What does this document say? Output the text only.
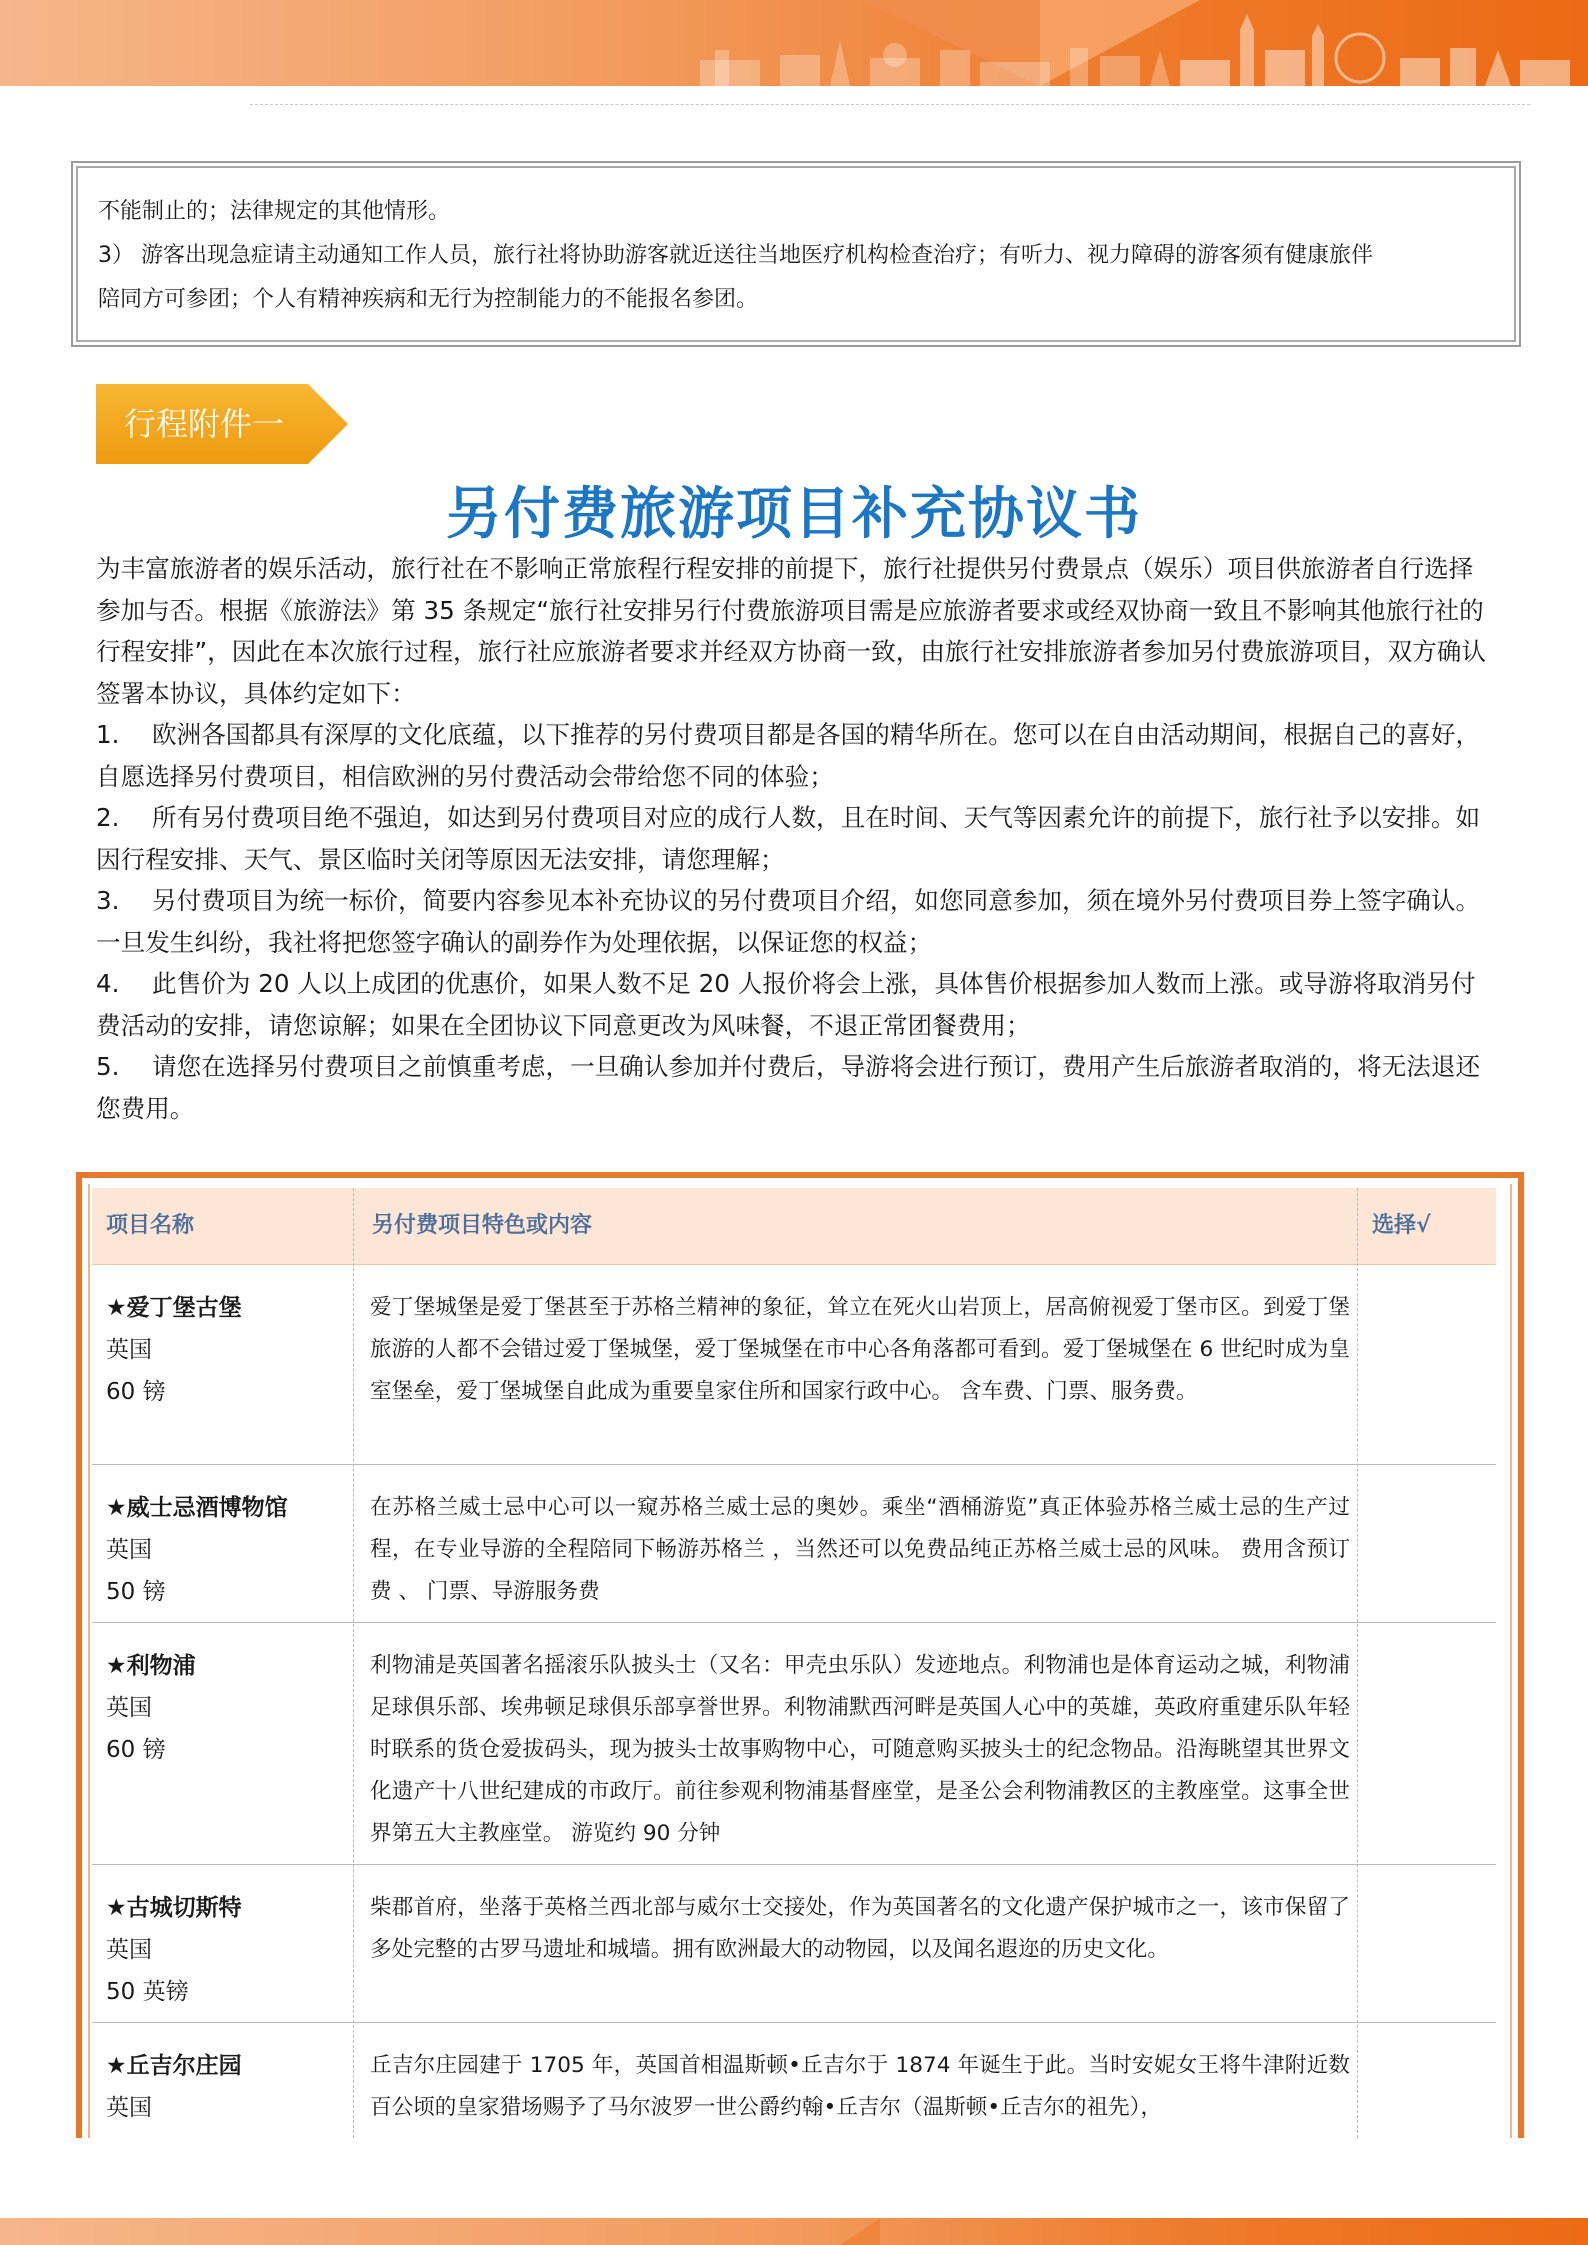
不能制止的；法律规定的其他情形。

3） 游客出现急症请主动通知工作人员，旅行社将协助游客就近送往当地医疗机构检查治疗；有听力、视力障碍的游客须有健康旅伴

陪同方可参团；个人有精神疾病和无行为控制能力的不能报名参团。

行程附件一
另付费旅游项目补充协议书

为丰富旅游者的娱乐活动，旅行社在不影响正常旅程行程安排的前提下，旅行社提供另付费景点（娱乐）项目供旅游者自行选择参加与否。根据《旅游法》第 35 条规定“旅行社安排另行付费旅游项目需是应旅游者要求或经双协商一致且不影响其他旅行社的行程安排”，因此在本次旅行过程，旅行社应旅游者要求并经双方协商一致，由旅行社安排旅游者参加另付费旅游项目，双方确认签署本协议，具体约定如下：

1. 欧洲各国都具有深厚的文化底蕴，以下推荐的另付费项目都是各国的精华所在。您可以在自由活动期间，根据自己的喜好，自愿选择另付费项目，相信欧洲的另付费活动会带给您不同的体验；

2. 所有另付费项目绝不强迫，如达到另付费项目对应的成行人数，且在时间、天气等因素允许的前提下，旅行社予以安排。如因行程安排、天气、景区临时关闭等原因无法安排，请您理解；

3. 另付费项目为统一标价，简要内容参见本补充协议的另付费项目介绍，如您同意参加，须在境外另付费项目券上签字确认。一旦发生纠纷，我社将把您签字确认的副券作为处理依据，以保证您的权益；

4. 此售价为 20 人以上成团的优惠价，如果人数不足 20 人报价将会上涨，具体售价根据参加人数而上涨。或导游将取消另付费活动的安排，请您谅解；如果在全团协议下同意更改为风味餐，不退正常团餐费用；

5. 请您在选择另付费项目之前慎重考虑，一旦确认参加并付费后，导游将会进行预订，费用产生后旅游者取消的，将无法退还您费用。

项目名称	另付费项目特色或内容	选择√
★爱丁堡古堡
英国
60 镑
爱丁堡城堡是爱丁堡甚至于苏格兰精神的象征，耸立在死火山岩顶上，居高俯视爱丁堡市区。到爱丁堡旅游的人都不会错过爱丁堡城堡，爱丁堡城堡在市中心各角落都可看到。爱丁堡城堡在 6 世纪时成为皇室堡垒，爱丁堡城堡自此成为重要皇家住所和国家行政中心。 含车费、门票、服务费。
★威士忌酒博物馆
英国
50 镑
在苏格兰威士忌中心可以一窥苏格兰威士忌的奥妙。乘坐“酒桶游览”真正体验苏格兰威士忌的生产过程，在专业导游的全程陪同下畅游苏格兰 ，当然还可以免费品纯正苏格兰威士忌的风味。 费用含预订费 、 门票、导游服务费
★利物浦
英国
60 镑
利物浦是英国著名摇滚乐队披头士（又名：甲壳虫乐队）发迹地点。利物浦也是体育运动之城，利物浦足球俱乐部、埃弗顿足球俱乐部享誉世界。利物浦默西河畔是英国人心中的英雄，英政府重建乐队年轻时联系的货仓爱拔码头，现为披头士故事购物中心，可随意购买披头士的纪念物品。沿海眺望其世界文化遗产十八世纪建成的市政厅。前往参观利物浦基督座堂，是圣公会利物浦教区的主教座堂。这事全世界第五大主教座堂。 游览约 90 分钟
★古城切斯特
英国
50 英镑
柴郡首府，坐落于英格兰西北部与威尔士交接处，作为英国著名的文化遗产保护城市之一，该市保留了多处完整的古罗马遗址和城墙。拥有欧洲最大的动物园，以及闻名遐迩的历史文化。
★丘吉尔庄园
英国

丘吉尔庄园建于 1705 年，英国首相温斯顿•丘吉尔于 1874 年诞生于此。当时安妮女王将牛津附近数百公顷的皇家猎场赐予了马尔波罗一世公爵约翰•丘吉尔（温斯顿•丘吉尔的祖先），
